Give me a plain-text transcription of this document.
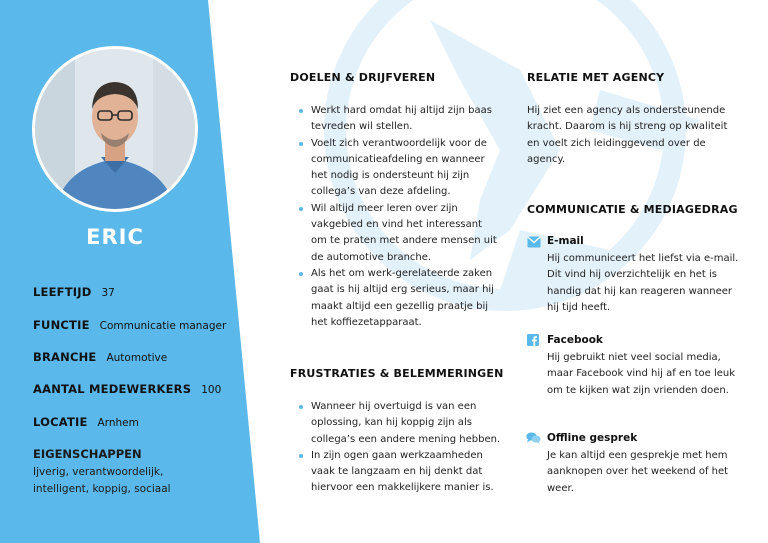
ERIC
LEEFTIJD 37
FUNCTIE Communicatie manager
BRANCHE Automotive
AANTAL MEDEWERKERS 100
LOCATIE Arnhem
EIGENSCHAPPEN
Ijverig, verantwoordelijk, intelligent, koppig, sociaal
DOELEN & DRIJFVEREN
Werkt hard omdat hij altijd zijn baas tevreden wil stellen.
Voelt zich verantwoordelijk voor de communicatieafdeling en wanneer het nodig is ondersteunt hij zijn collega’s van deze afdeling.
Wil altijd meer leren over zijn vakgebied en vind het interessant om te praten met andere mensen uit de automotive branche.
Als het om werk-gerelateerde zaken gaat is hij altijd erg serieus, maar hij maakt altijd een gezellig praatje bij het koffiezetapparaat.
FRUSTRATIES & BELEMMERINGEN
Wanneer hij overtuigd is van een oplossing, kan hij koppig zijn als collega’s een andere mening hebben.
In zijn ogen gaan werkzaamheden vaak te langzaam en hij denkt dat hiervoor een makkelijkere manier is.
RELATIE MET AGENCY
Hij ziet een agency als ondersteunende kracht. Daarom is hij streng op kwaliteit en voelt zich leidinggevend over de agency.
COMMUNICATIE & MEDIAGEDRAG
E-mail
Hij communiceert het liefst via e-mail. Dit vind hij overzichtelijk en het is handig dat hij kan reageren wanneer hij tijd heeft.
Facebook
Hij gebruikt niet veel social media, maar Facebook vind hij af en toe leuk om te kijken wat zijn vrienden doen.
Offline gesprek
Je kan altijd een gesprekje met hem aanknopen over het weekend of het weer.
